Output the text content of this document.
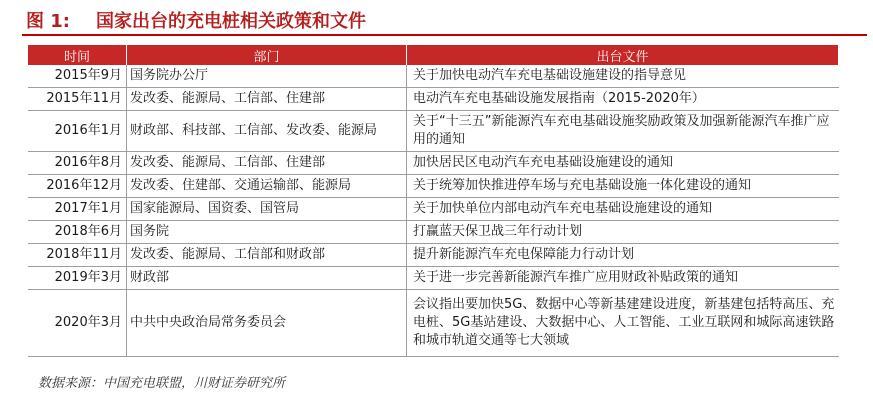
图 1: 国家出台的充电桩相关政策和文件
时间	部门	出台文件
2015年9月	国务院办公厅	关于加快电动汽车充电基础设施建设的指导意见
2015年11月	发改委、能源局、工信部、住建部	电动汽车充电基础设施发展指南（2015-2020年）
2016年1月	财政部、科技部、工信部、发改委、能源局	关于“十三五”新能源汽车充电基础设施奖励政策及加强新能源汽车推广应用的通知
2016年8月	发改委、能源局、工信部、住建部	加快居民区电动汽车充电基础设施建设的通知
2016年12月	发改委、住建部、交通运输部、能源局	关于统筹加快推进停车场与充电基础设施一体化建设的通知
2017年1月	国家能源局、国资委、国管局	关于加快单位内部电动汽车充电基础设施建设的通知
2018年6月	国务院	打赢蓝天保卫战三年行动计划
2018年11月	发改委、能源局、工信部和财政部	提升新能源汽车充电保障能力行动计划
2019年3月	财政部	关于进一步完善新能源汽车推广应用财政补贴政策的通知
2020年3月	中共中央政治局常务委员会	会议指出要加快5G、数据中心等新基建建设进度，新基建包括特高压、充电桩、5G基站建设、大数据中心、人工智能、工业互联网和城际高速铁路和城市轨道交通等七大领域
数据来源：中国充电联盟，川财证券研究所
